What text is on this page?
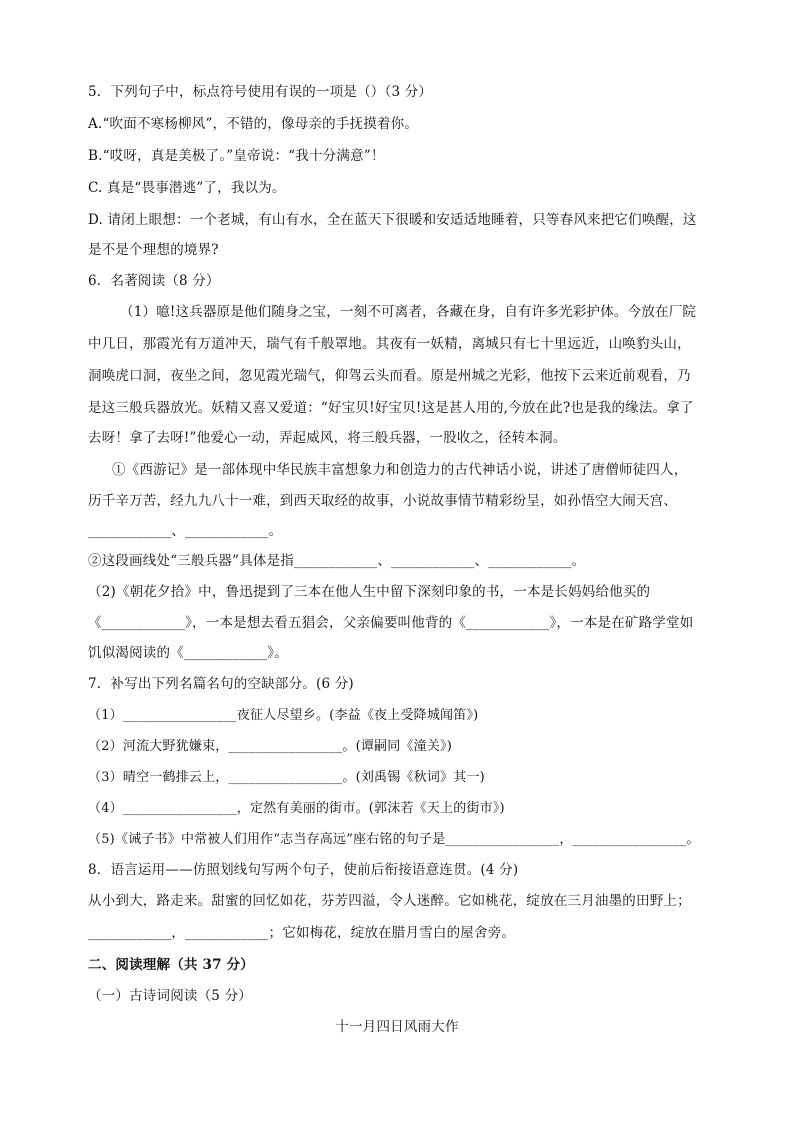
5．下列句子中，标点符号使用有误的一项是（）（3 分）
A.“吹面不寒杨柳风”，不错的，像母亲的手抚摸着你。
B.“哎呀，真是美极了。”皇帝说：“我十分满意”！
C. 真是“畏事潜逃”了，我以为。
D. 请闭上眼想：一个老城，有山有水，全在蓝天下很暖和安适适地睡着，只等春风来把它们唤醒，这
是不是个理想的境界?
6．名著阅读（8 分）
（1）噫!这兵器原是他们随身之宝，一刻不可离者，各藏在身，自有许多光彩护体。今放在厂院
中几日，那霞光有万道冲天，瑞气有千般罩地。其夜有一妖精，离城只有七十里远近，山唤豹头山，
洞唤虎口洞，夜坐之间，忽见霞光瑞气，仰驾云头而看。原是州城之光彩，他按下云来近前观看，乃
是这三般兵器放光。妖精又喜又爱道：“好宝贝!好宝贝!这是甚人用的,今放在此?也是我的缘法。拿了
去呀！拿了去呀!”他爱心一动，弄起威风，将三般兵器，一股收之，径转本洞。
①《西游记》是一部体现中华民族丰富想象力和创造力的古代神话小说，讲述了唐僧师徒四人，
历千辛万苦，经九九八十一难，到西天取经的故事，小说故事情节精彩纷呈，如孙悟空大闹天宫、
____________、____________。
②这段画线处“三般兵器”具体是指____________、____________、____________。
（2)《朝花夕拾》中，鲁迅提到了三本在他人生中留下深刻印象的书，一本是长妈妈给他买的
《____________》，一本是想去看五猖会，父亲偏要叫他背的《____________》，一本是在矿路学堂如
饥似渴阅读的《____________》。
7．补写出下列名篇名句的空缺部分。(6 分)
（1）_________________夜征人尽望乡。(李益《夜上受降城闻笛》)
（2）河流大野犹嫌束，_________________。(谭嗣同《潼关》)
（3）晴空一鹤排云上，_________________。(刘禹锡《秋词》其一)
（4）_________________，定然有美丽的街市。(郭沫若《天上的街市》)
（5)《诫子书》中常被人们用作“志当存高远”座右铭的句子是_________________，_________________。
8．语言运用——仿照划线句写两个句子，使前后衔接语意连贯。(4 分)
从小到大，路走来。甜蜜的回忆如花，芬芳四溢，令人迷醉。它如桃花，绽放在三月油墨的田野上；
____________，____________；它如梅花，绽放在腊月雪白的屋舍旁。
二、阅读理解（共 37 分）
（一）古诗词阅读（5 分）
十一月四日风雨大作
